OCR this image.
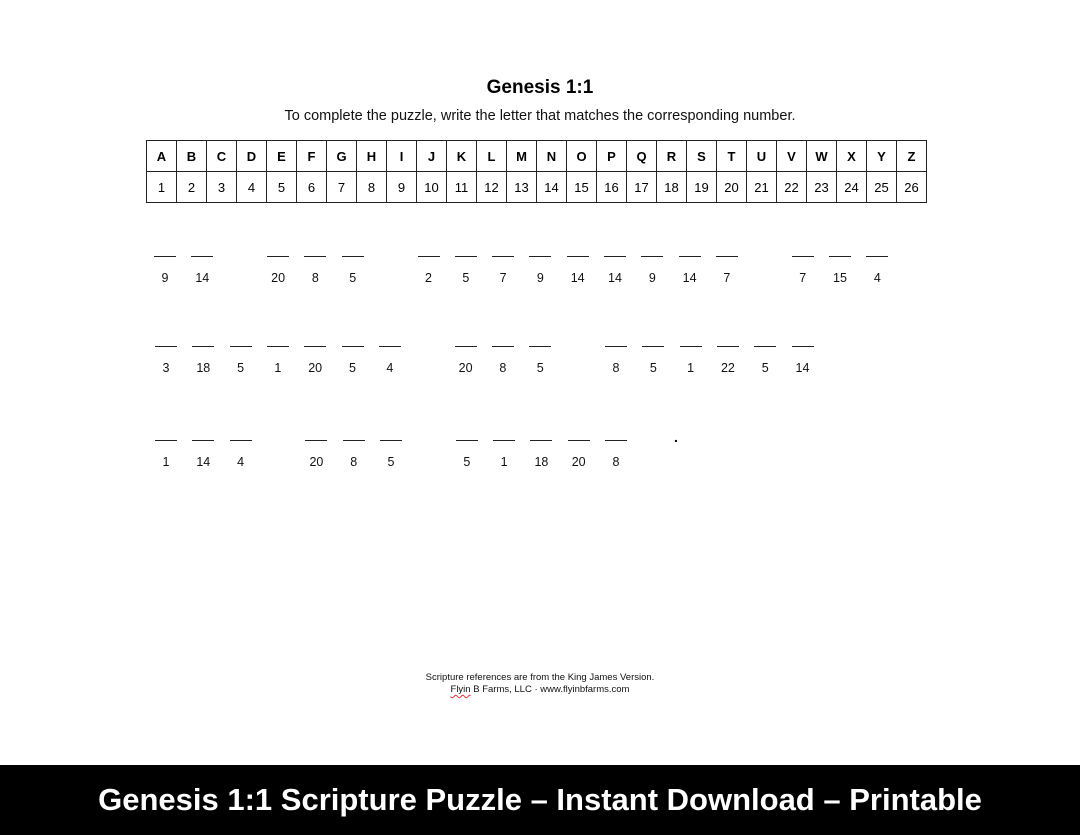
Genesis 1:1
To complete the puzzle, write the letter that matches the corresponding number.
A	B	C	D	E	F	G	H	I	J	K	L	M	N	O	P	Q	R	S	T	U	V	W	X	Y	Z
1	2	3	4	5	6	7	8	9	10	11	12	13	14	15	16	17	18	19	20	21	22	23	24	25	26
9	14	20	8	5	2	5	7	9	14	14	9	14	7	7	15	4
3	18	5	1	20	5	4	20	8	5	8	5	1	22	5	14
1	14	4	20	8	5	5	1	18	20	8
.
Scripture references are from the King James Version.
Flyin B Farms, LLC · www.flyinbfarms.com
Genesis 1:1 Scripture Puzzle – Instant Download – Printable
